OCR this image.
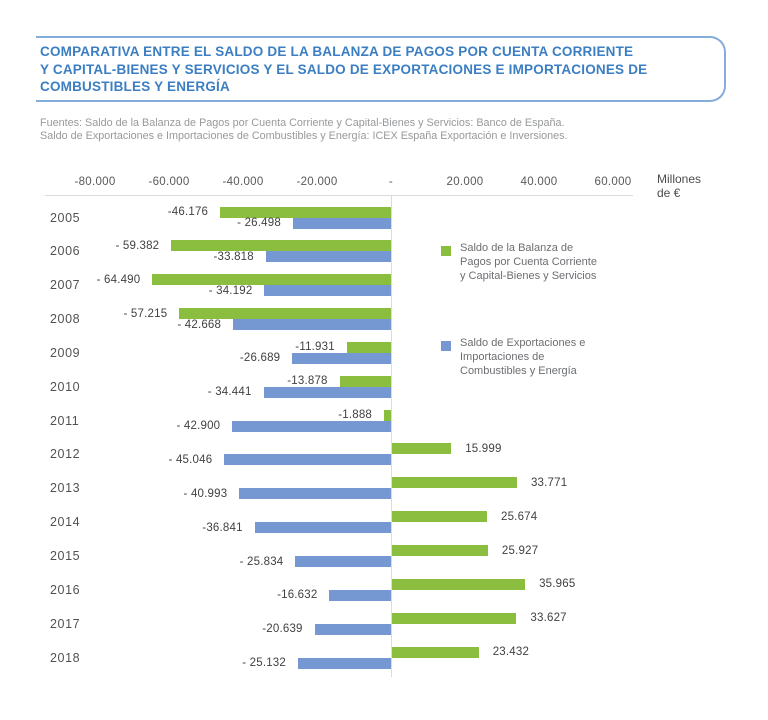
COMPARATIVA ENTRE EL SALDO DE LA BALANZA DE PAGOS POR CUENTA CORRIENTE
Y CAPITAL-BIENES Y SERVICIOS Y EL SALDO DE EXPORTACIONES E IMPORTACIONES DE
COMBUSTIBLES Y ENERGÍA
Fuentes: Saldo de la Balanza de Pagos por Cuenta Corriente y Capital-Bienes y Servicios: Banco de España.
Saldo de Exportaciones e Importaciones de Combustibles y Energía: ICEX España Exportación e Inversiones.
-80.000	-60.000	-40.000	-20.000	-	20.000	40.000	60.000	Millones
de €
2005	-46.176
- 26.498
2006	- 59.382
-33.818
2007	- 64.490
- 34.192
2008	- 57.215
- 42.668
2009	-11.931
-26.689
2010	-13.878
- 34.441
2011	-1.888
- 42.900
2012	15.999
- 45.046
2013	33.771
- 40.993
2014	25.674
-36.841
2015	25.927
- 25.834
2016	35.965
-16.632
2017	33.627
-20.639
2018	23.432
- 25.132
Saldo de la Balanza de
Pagos por Cuenta Corriente
y Capital-Bienes y Servicios
Saldo de Exportaciones e
Importaciones de
Combustibles y Energía
